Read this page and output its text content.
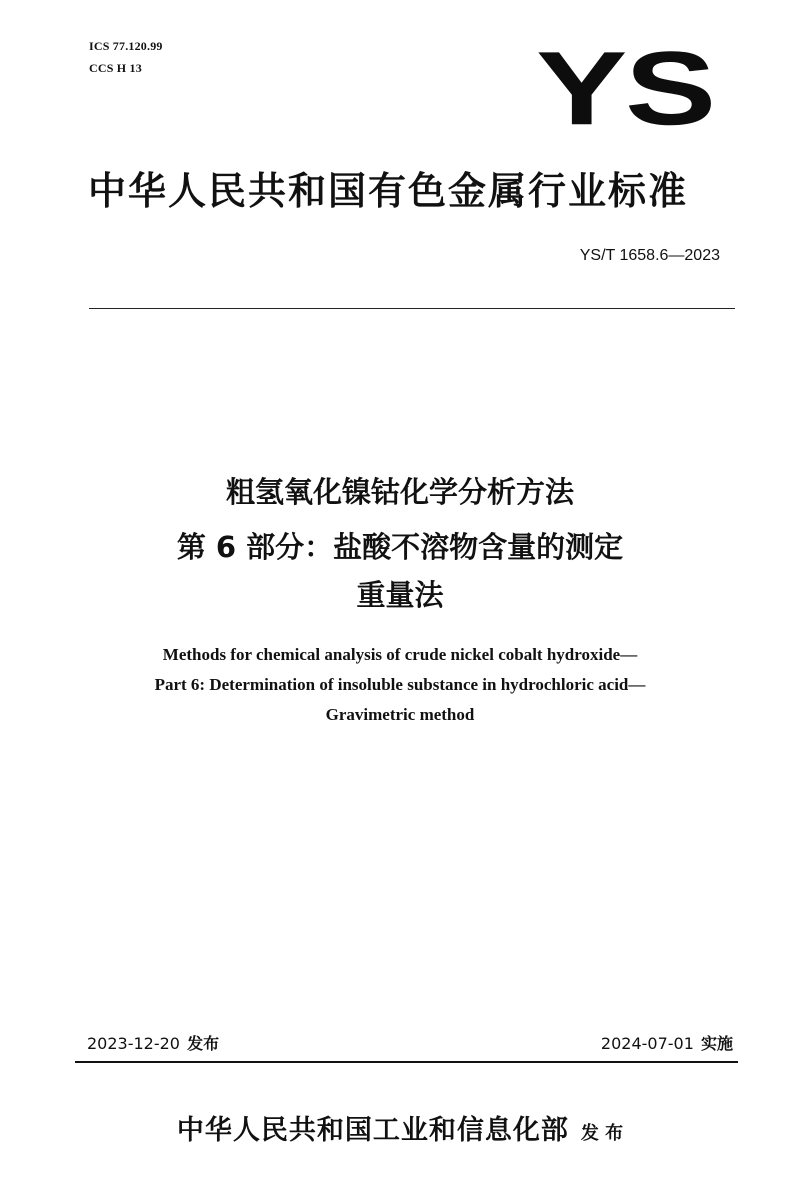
ICS 77.120.99
CCS H 13	YS
中华人民共和国有色金属行业标准
YS/T 1658.6—2023
粗氢氧化镍钴化学分析方法
第 6 部分：盐酸不溶物含量的测定
重量法
Methods for chemical analysis of crude nickel cobalt hydroxide—
Part 6: Determination of insoluble substance in hydrochloric acid—
Gravimetric method
2023-12-20 发布	2024-07-01 实施
中华人民共和国工业和信息化部 发 布
